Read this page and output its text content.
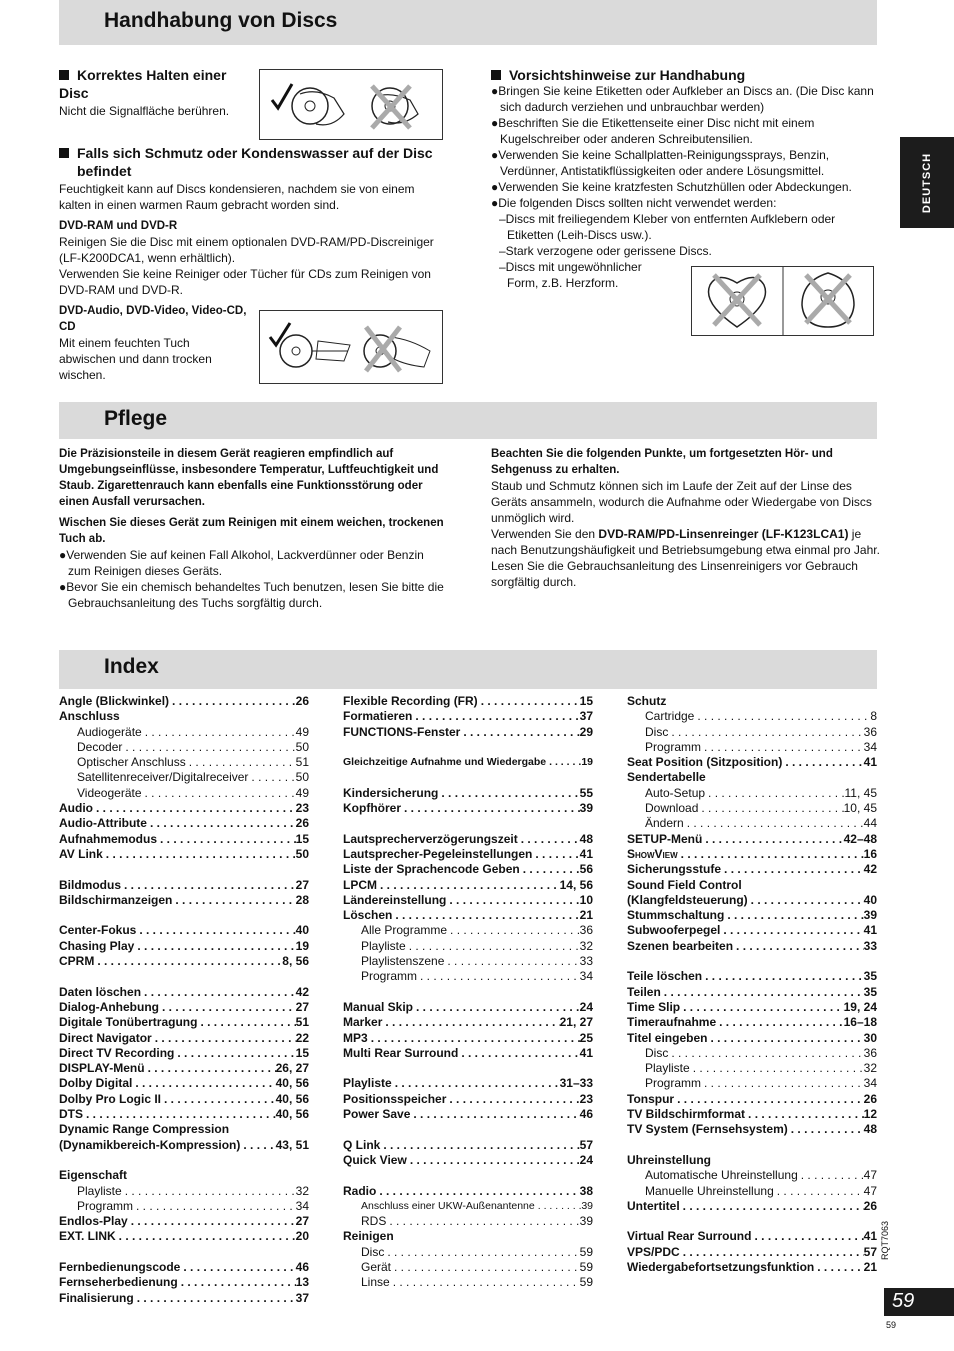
Handhabung von Discs
DEUTSCH
Korrektes Halten einer Disc
Nicht die Signalfläche berühren.
Falls sich Schmutz oder Kondenswasser auf der Disc befindet
Feuchtigkeit kann auf Discs kondensieren, nachdem sie von einem kalten in einen warmen Raum gebracht worden sind.
DVD-RAM und DVD-R

Reinigen Sie die Disc mit einem optionalen DVD-RAM/PD-Discreiniger (LF-K200DCA1, wenn erhältlich).

Verwenden Sie keine Reiniger oder Tücher für CDs zum Reinigen von DVD-RAM und DVD-R.

DVD-Audio, DVD-Video, Video-CD, CD
Mit einem feuchten Tuch abwischen und dann trocken wischen.
Vorsichtshinweise zur Handhabung

●Bringen Sie keine Etiketten oder Aufkleber an Discs an. (Die Disc kann sich dadurch verziehen und unbrauchbar werden)

●Beschriften Sie die Etikettenseite einer Disc nicht mit einem Kugelschreiber oder anderen Schreibutensilien.

●Verwenden Sie keine Schallplatten-Reinigungssprays, Benzin, Verdünner, Antistatikflüssigkeiten oder andere Lösungsmittel.

●Verwenden Sie keine kratzfesten Schutzhüllen oder Abdeckungen.

●Die folgenden Discs sollten nicht verwendet werden:

–Discs mit freiliegendem Kleber von entfernten Aufklebern oder Etiketten (Leih-Discs usw.).

–Stark verzogene oder gerissene Discs.

–Discs mit ungewöhnlicher Form, z.B. Herzform.
Pflege

Die Präzisionsteile in diesem Gerät reagieren empfindlich auf Umgebungseinflüsse, insbesondere Temperatur, Luftfeuchtigkeit und Staub. Zigarettenrauch kann ebenfalls eine Funktionsstörung oder einen Ausfall verursachen.

Wischen Sie dieses Gerät zum Reinigen mit einem weichen, trockenen Tuch ab.

●Verwenden Sie auf keinen Fall Alkohol, Lackverdünner oder Benzin zum Reinigen dieses Geräts.

●Bevor Sie ein chemisch behandeltes Tuch benutzen, lesen Sie bitte die Gebrauchsanleitung des Tuchs sorgfältig durch.

Beachten Sie die folgenden Punkte, um fortgesetzten Hör- und Sehgenuss zu erhalten.

Staub und Schmutz können sich im Laufe der Zeit auf der Linse des Geräts ansammeln, wodurch die Aufnahme oder Wiedergabe von Discs unmöglich wird.

Verwenden Sie den DVD-RAM/PD-Linsenreinger (LF-K123LCA1) je nach Benutzungshäufigkeit und Betriebsumgebung etwa einmal pro Jahr. Lesen Sie die Gebrauchsanleitung des Linsenreinigers vor Gebrauch sorgfältig durch.

Index
Angle (Blickwinkel) . . .	26
Anschluss
Audiogeräte . . .	49
Decoder . . .	50
Optischer Anschluss . . .	51
Satellitenreceiver/Digitalreceiver . . .	50
Videogeräte . . .	49
Audio . . .	23
Audio-Attribute . . .	26
Aufnahmemodus . . .	15
AV Link . . .	50
Bildmodus . . .	27
Bildschirmanzeigen . . .	28
Center-Fokus . . .	40
Chasing Play . . .	19
CPRM . . .	8, 56
Daten löschen . . .	42
Dialog-Anhebung . . .	27
Digitale Tonübertragung . . .	51
Direct Navigator . . .	22
Direct TV Recording . . .	15
DISPLAY-Menü . . .	26, 27
Dolby Digital . . .	40, 56
Dolby Pro Logic II . . .	40, 56
DTS . . .	40, 56
Dynamic Range Compression
(Dynamikbereich-Kompression) . . .	43, 51
Eigenschaft
Playliste . . .	32
Programm . . .	34
Endlos-Play . . .	27
EXT. LINK . . .	20
Fernbedienungscode . . .	46
Fernseherbedienung . . .	13
Finalisierung . . .	37
Flexible Recording (FR) . . .	15
Formatieren . . .	37
FUNCTIONS-Fenster . . .	29
Gleichzeitige Aufnahme und Wiedergabe . . .	19
Kindersicherung . . .	55
Kopfhörer . . .	39
Lautsprecherverzögerungszeit . . .	48
Lautsprecher-Pegeleinstellungen . . .	41
Liste der Sprachencode Geben . . .	56
LPCM . . .	14, 56
Ländereinstellung . . .	10
Löschen . . .	21
Alle Programme . . .	36
Playliste . . .	32
Playlistenszene . . .	33
Programm . . .	34
Manual Skip . . .	24
Marker . . .	21, 27
MP3 . . .	25
Multi Rear Surround . . .	41
Playliste . . .	31–33
Positionsspeicher . . .	23
Power Save . . .	46
Q Link . . .	57
Quick View . . .	24
Radio . . .	38
Anschluss einer UKW-Außenantenne . . .	39
RDS . . .	39
Reinigen
Disc . . .	59
Gerät . . .	59
Linse . . .	59
Schutz
Cartridge . . .	8
Disc . . .	36
Programm . . .	34
Seat Position (Sitzposition) . . .	41
Sendertabelle
Auto-Setup . . .	11, 45
Download . . .	10, 45
Ändern . . .	44
SETUP-Menü . . .	42–48
ShowView . . .	16
Sicherungsstufe . . .	42
Sound Field Control
(Klangfeldsteuerung) . . .	40
Stummschaltung . . .	39
Subwooferpegel . . .	41
Szenen bearbeiten . . .	33
Teile löschen . . .	35
Teilen . . .	35
Time Slip . . .	19, 24
Timeraufnahme . . .	16–18
Titel eingeben . . .	30
Disc . . .	36
Playliste . . .	32
Programm . . .	34
Tonspur . . .	26
TV Bildschirmformat . . .	12
TV System (Fernsehsystem) . . .	48
Uhreinstellung
Automatische Uhreinstellung . . .	47
Manuelle Uhreinstellung . . .	47
Untertitel . . .	26
Virtual Rear Surround . . .	41
VPS/PDC . . .	57
Wiedergabefortsetzungsfunktion . . .	21
RQT7063
59
59
